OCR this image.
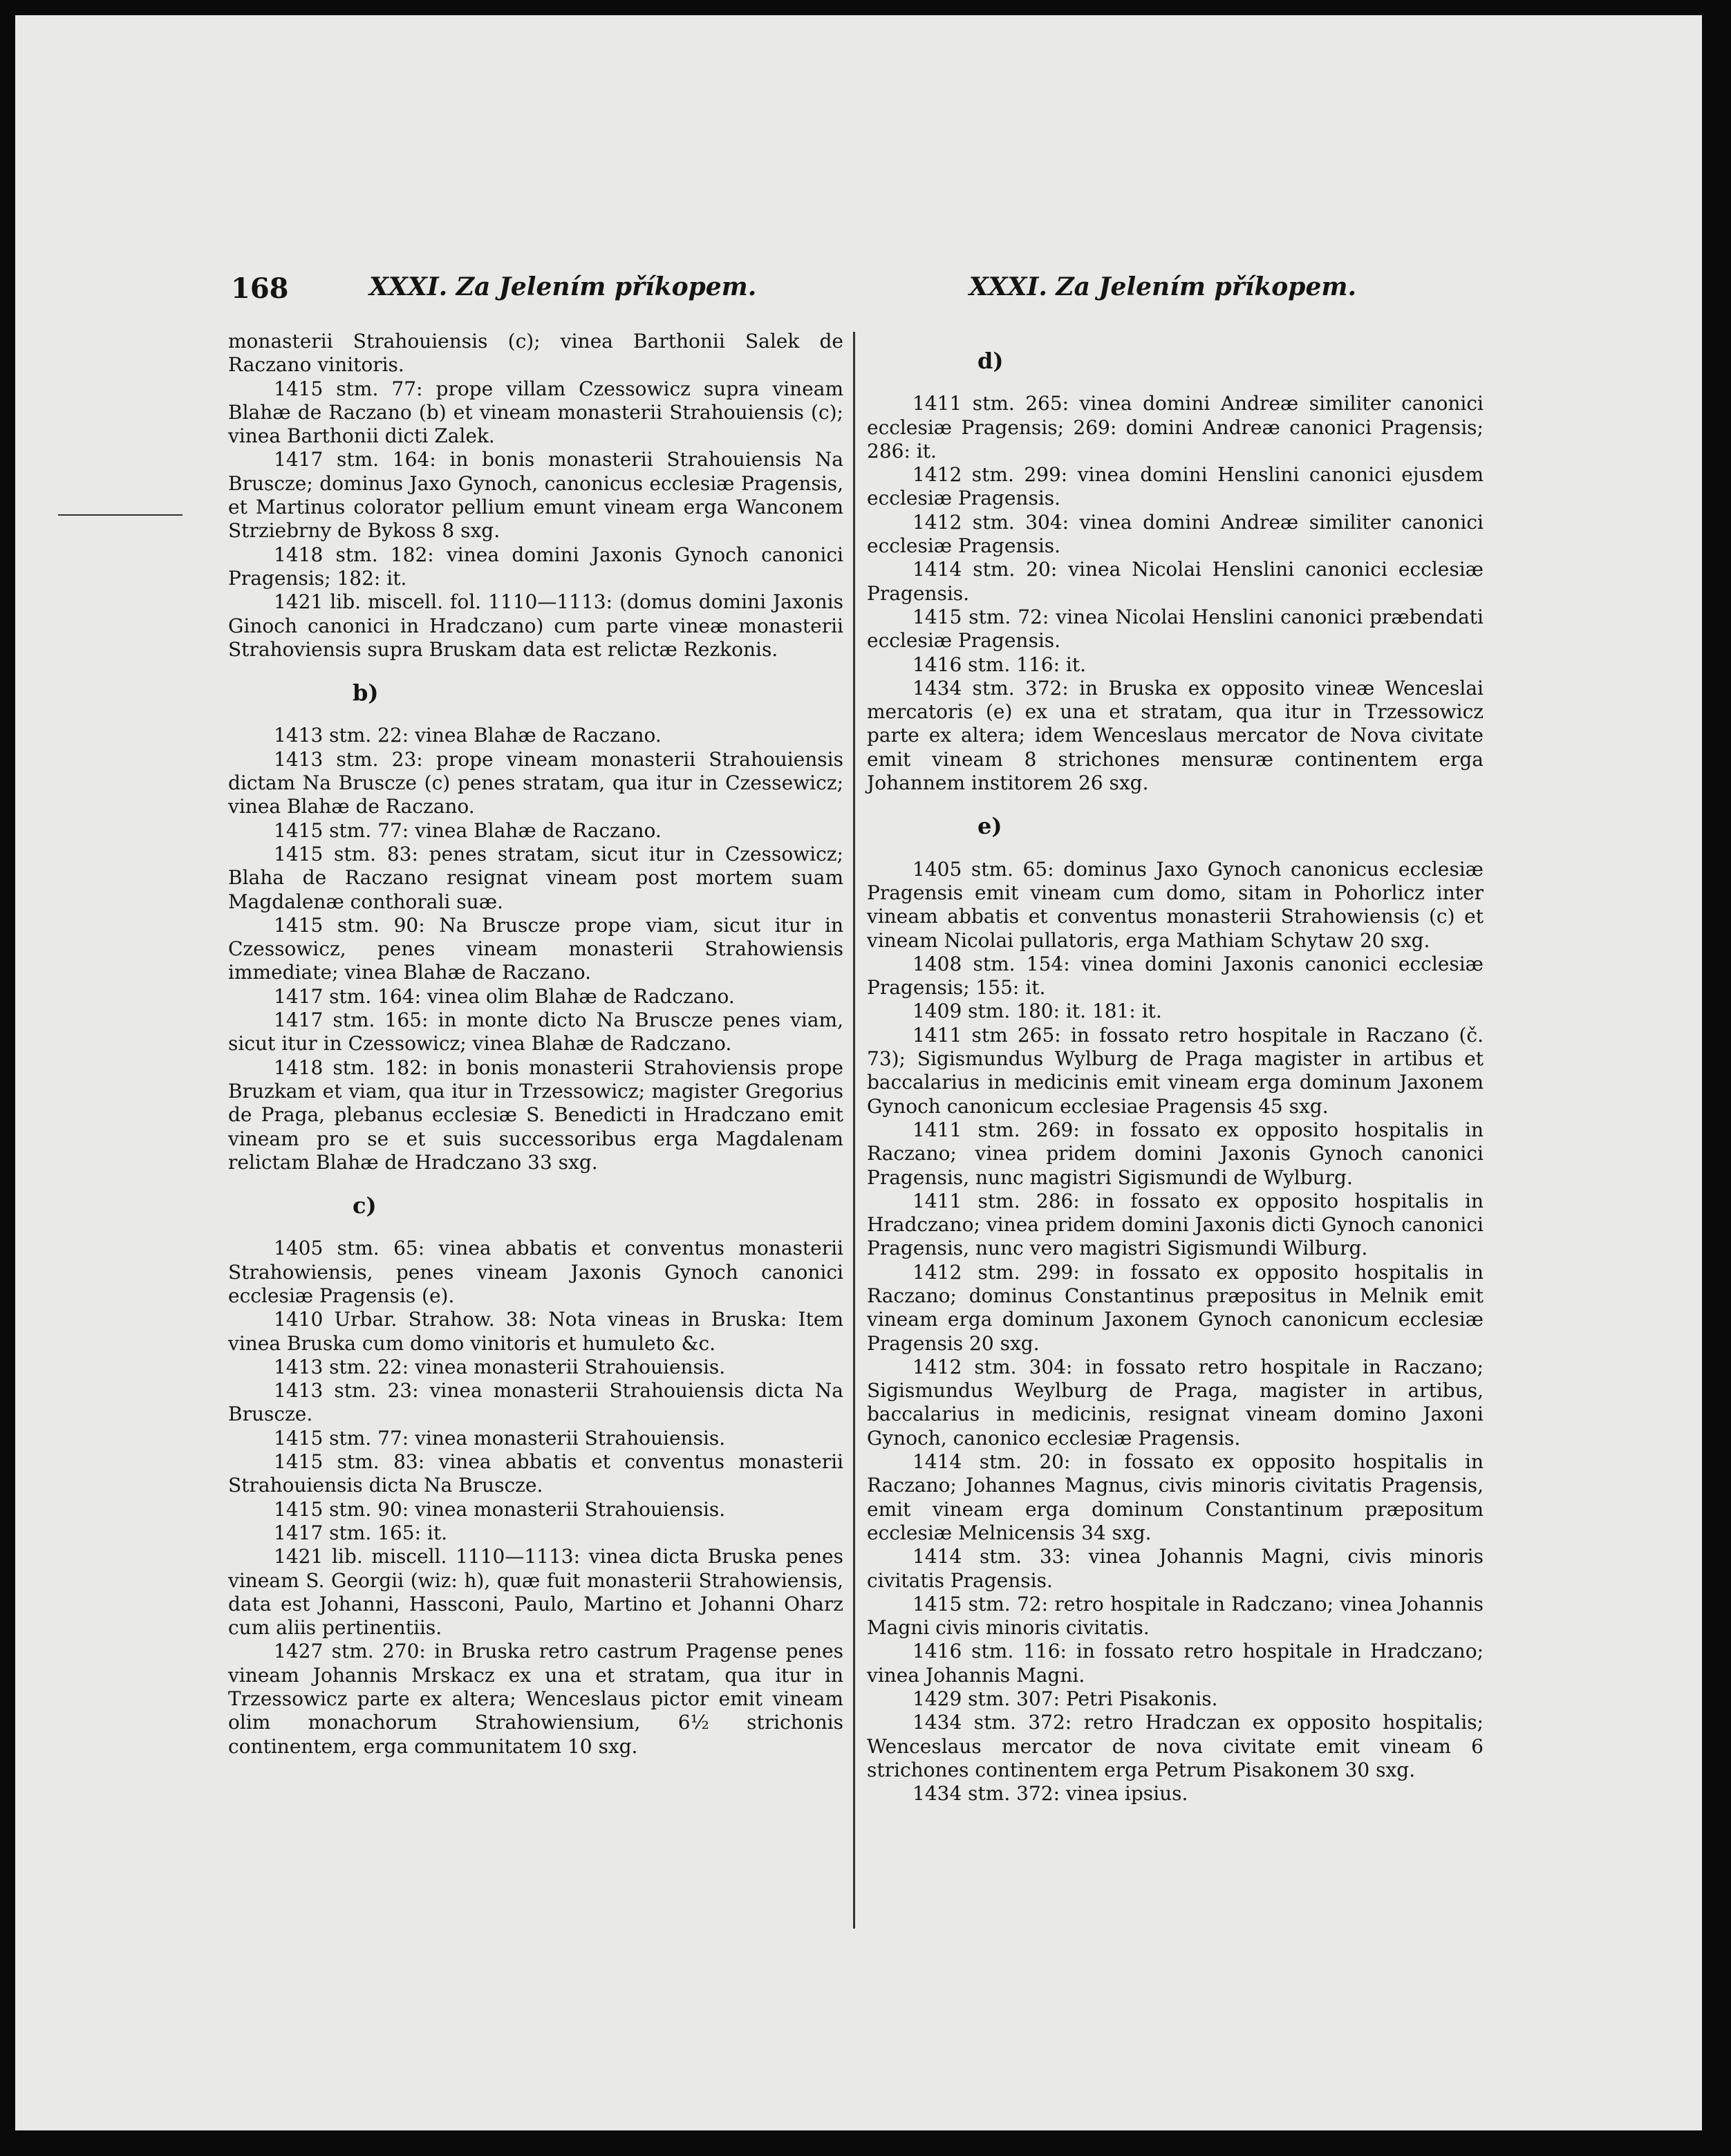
168	XXXI. Za Jelením příkopem.	XXXI. Za Jelením příkopem.

monasterii Strahouiensis (c); vinea Barthonii Salek de Raczano vinitoris.

1415 stm. 77: prope villam Czessowicz supra vineam Blahæ de Raczano (b) et vineam monasterii Strahouiensis (c); vinea Barthonii dicti Zalek.

1417 stm. 164: in bonis monasterii Strahouiensis Na Bruscze; dominus Jaxo Gynoch, canonicus ecclesiæ Pragensis, et Martinus colorator pellium emunt vineam erga Wanconem Strziebrny de Bykoss 8 sxg.

1418 stm. 182: vinea domini Jaxonis Gynoch canonici Pragensis; 182: it.

1421 lib. miscell. fol. 1110—1113: (domus domini Jaxonis Ginoch canonici in Hradczano) cum parte vineæ monasterii Strahoviensis supra Bruskam data est relictæ Rezkonis.

b)

1413 stm. 22: vinea Blahæ de Raczano.

1413 stm. 23: prope vineam monasterii Strahouiensis dictam Na Bruscze (c) penes stratam, qua itur in Czessewicz; vinea Blahæ de Raczano.

1415 stm. 77: vinea Blahæ de Raczano.

1415 stm. 83: penes stratam, sicut itur in Czessowicz; Blaha de Raczano resignat vineam post mortem suam Magdalenæ conthorali suæ.

1415 stm. 90: Na Bruscze prope viam, sicut itur in Czessowicz, penes vineam monasterii Strahowiensis immediate; vinea Blahæ de Raczano.

1417 stm. 164: vinea olim Blahæ de Radczano.

1417 stm. 165: in monte dicto Na Bruscze penes viam, sicut itur in Czessowicz; vinea Blahæ de Radczano.

1418 stm. 182: in bonis monasterii Strahoviensis prope Bruzkam et viam, qua itur in Trzessowicz; magister Gregorius de Praga, plebanus ecclesiæ S. Benedicti in Hradczano emit vineam pro se et suis successoribus erga Magdalenam relictam Blahæ de Hradczano 33 sxg.

c)

1405 stm. 65: vinea abbatis et conventus monasterii Strahowiensis, penes vineam Jaxonis Gynoch canonici ecclesiæ Pragensis (e).

1410 Urbar. Strahow. 38: Nota vineas in Bruska: Item vinea Bruska cum domo vinitoris et humuleto &c.

1413 stm. 22: vinea monasterii Strahouiensis.

1413 stm. 23: vinea monasterii Strahouiensis dicta Na Bruscze.

1415 stm. 77: vinea monasterii Strahouiensis.

1415 stm. 83: vinea abbatis et conventus monasterii Strahouiensis dicta Na Bruscze.

1415 stm. 90: vinea monasterii Strahouiensis.

1417 stm. 165: it.

1421 lib. miscell. 1110—1113: vinea dicta Bruska penes vineam S. Georgii (wiz: h), quæ fuit monasterii Strahowiensis, data est Johanni, Hassconi, Paulo, Martino et Johanni Oharz cum aliis pertinentiis.

1427 stm. 270: in Bruska retro castrum Pragense penes vineam Johannis Mrskacz ex una et stratam, qua itur in Trzessowicz parte ex altera; Wenceslaus pictor emit vineam olim monachorum Strahowiensium, 6½ strichonis continentem, erga communitatem 10 sxg.

d)

1411 stm. 265: vinea domini Andreæ similiter canonici ecclesiæ Pragensis; 269: domini Andreæ canonici Pragensis; 286: it.

1412 stm. 299: vinea domini Henslini canonici ejusdem ecclesiæ Pragensis.

1412 stm. 304: vinea domini Andreæ similiter canonici ecclesiæ Pragensis.

1414 stm. 20: vinea Nicolai Henslini canonici ecclesiæ Pragensis.

1415 stm. 72: vinea Nicolai Henslini canonici præbendati ecclesiæ Pragensis.

1416 stm. 116: it.

1434 stm. 372: in Bruska ex opposito vineæ Wenceslai mercatoris (e) ex una et stratam, qua itur in Trzessowicz parte ex altera; idem Wenceslaus mercator de Nova civitate emit vineam 8 strichones mensuræ continentem erga Johannem institorem 26 sxg.

e)

1405 stm. 65: dominus Jaxo Gynoch canonicus ecclesiæ Pragensis emit vineam cum domo, sitam in Pohorlicz inter vineam abbatis et conventus monasterii Strahowiensis (c) et vineam Nicolai pullatoris, erga Mathiam Schytaw 20 sxg.

1408 stm. 154: vinea domini Jaxonis canonici ecclesiæ Pragensis; 155: it.

1409 stm. 180: it. 181: it.

1411 stm 265: in fossato retro hospitale in Raczano (č. 73); Sigismundus Wylburg de Praga magister in artibus et baccalarius in medicinis emit vineam erga dominum Jaxonem Gynoch canonicum ecclesiae Pragensis 45 sxg.

1411 stm. 269: in fossato ex opposito hospitalis in Raczano; vinea pridem domini Jaxonis Gynoch canonici Pragensis, nunc magistri Sigismundi de Wylburg.

1411 stm. 286: in fossato ex opposito hospitalis in Hradczano; vinea pridem domini Jaxonis dicti Gynoch canonici Pragensis, nunc vero magistri Sigismundi Wilburg.

1412 stm. 299: in fossato ex opposito hospitalis in Raczano; dominus Constantinus præpositus in Melnik emit vineam erga dominum Jaxonem Gynoch canonicum ecclesiæ Pragensis 20 sxg.

1412 stm. 304: in fossato retro hospitale in Raczano; Sigismundus Weylburg de Praga, magister in artibus, baccalarius in medicinis, resignat vineam domino Jaxoni Gynoch, canonico ecclesiæ Pragensis.

1414 stm. 20: in fossato ex opposito hospitalis in Raczano; Johannes Magnus, civis minoris civitatis Pragensis, emit vineam erga dominum Constantinum præpositum ecclesiæ Melnicensis 34 sxg.

1414 stm. 33: vinea Johannis Magni, civis minoris civitatis Pragensis.

1415 stm. 72: retro hospitale in Radczano; vinea Johannis Magni civis minoris civitatis.

1416 stm. 116: in fossato retro hospitale in Hradczano; vinea Johannis Magni.

1429 stm. 307: Petri Pisakonis.

1434 stm. 372: retro Hradczan ex opposito hospitalis; Wenceslaus mercator de nova civitate emit vineam 6 strichones continentem erga Petrum Pisakonem 30 sxg.

1434 stm. 372: vinea ipsius.
